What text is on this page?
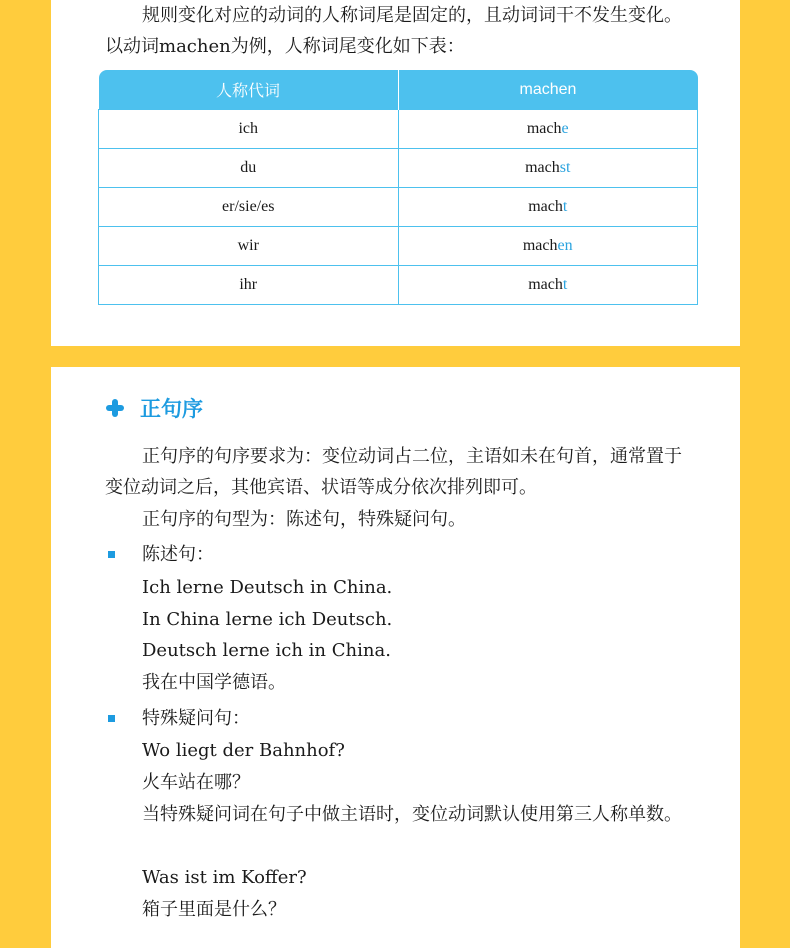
规则变化对应的动词的人称词尾是固定的，且动词词干不发生变化。以动词machen为例，人称词尾变化如下表：

人称代词	machen
ich	mache
du	machst
er/sie/es	macht
wir	machen
ihr	macht
正句序

正句序的句序要求为：变位动词占二位，主语如未在句首，通常置于变位动词之后，其他宾语、状语等成分依次排列即可。

正句序的句型为：陈述句，特殊疑问句。

陈述句：

Ich lerne Deutsch in China.

In China lerne ich Deutsch.

Deutsch lerne ich in China.

我在中国学德语。

特殊疑问句：

Wo liegt der Bahnhof?

火车站在哪？

当特殊疑问词在句子中做主语时，变位动词默认使用第三人称单数。

Was ist im Koffer?

箱子里面是什么？
